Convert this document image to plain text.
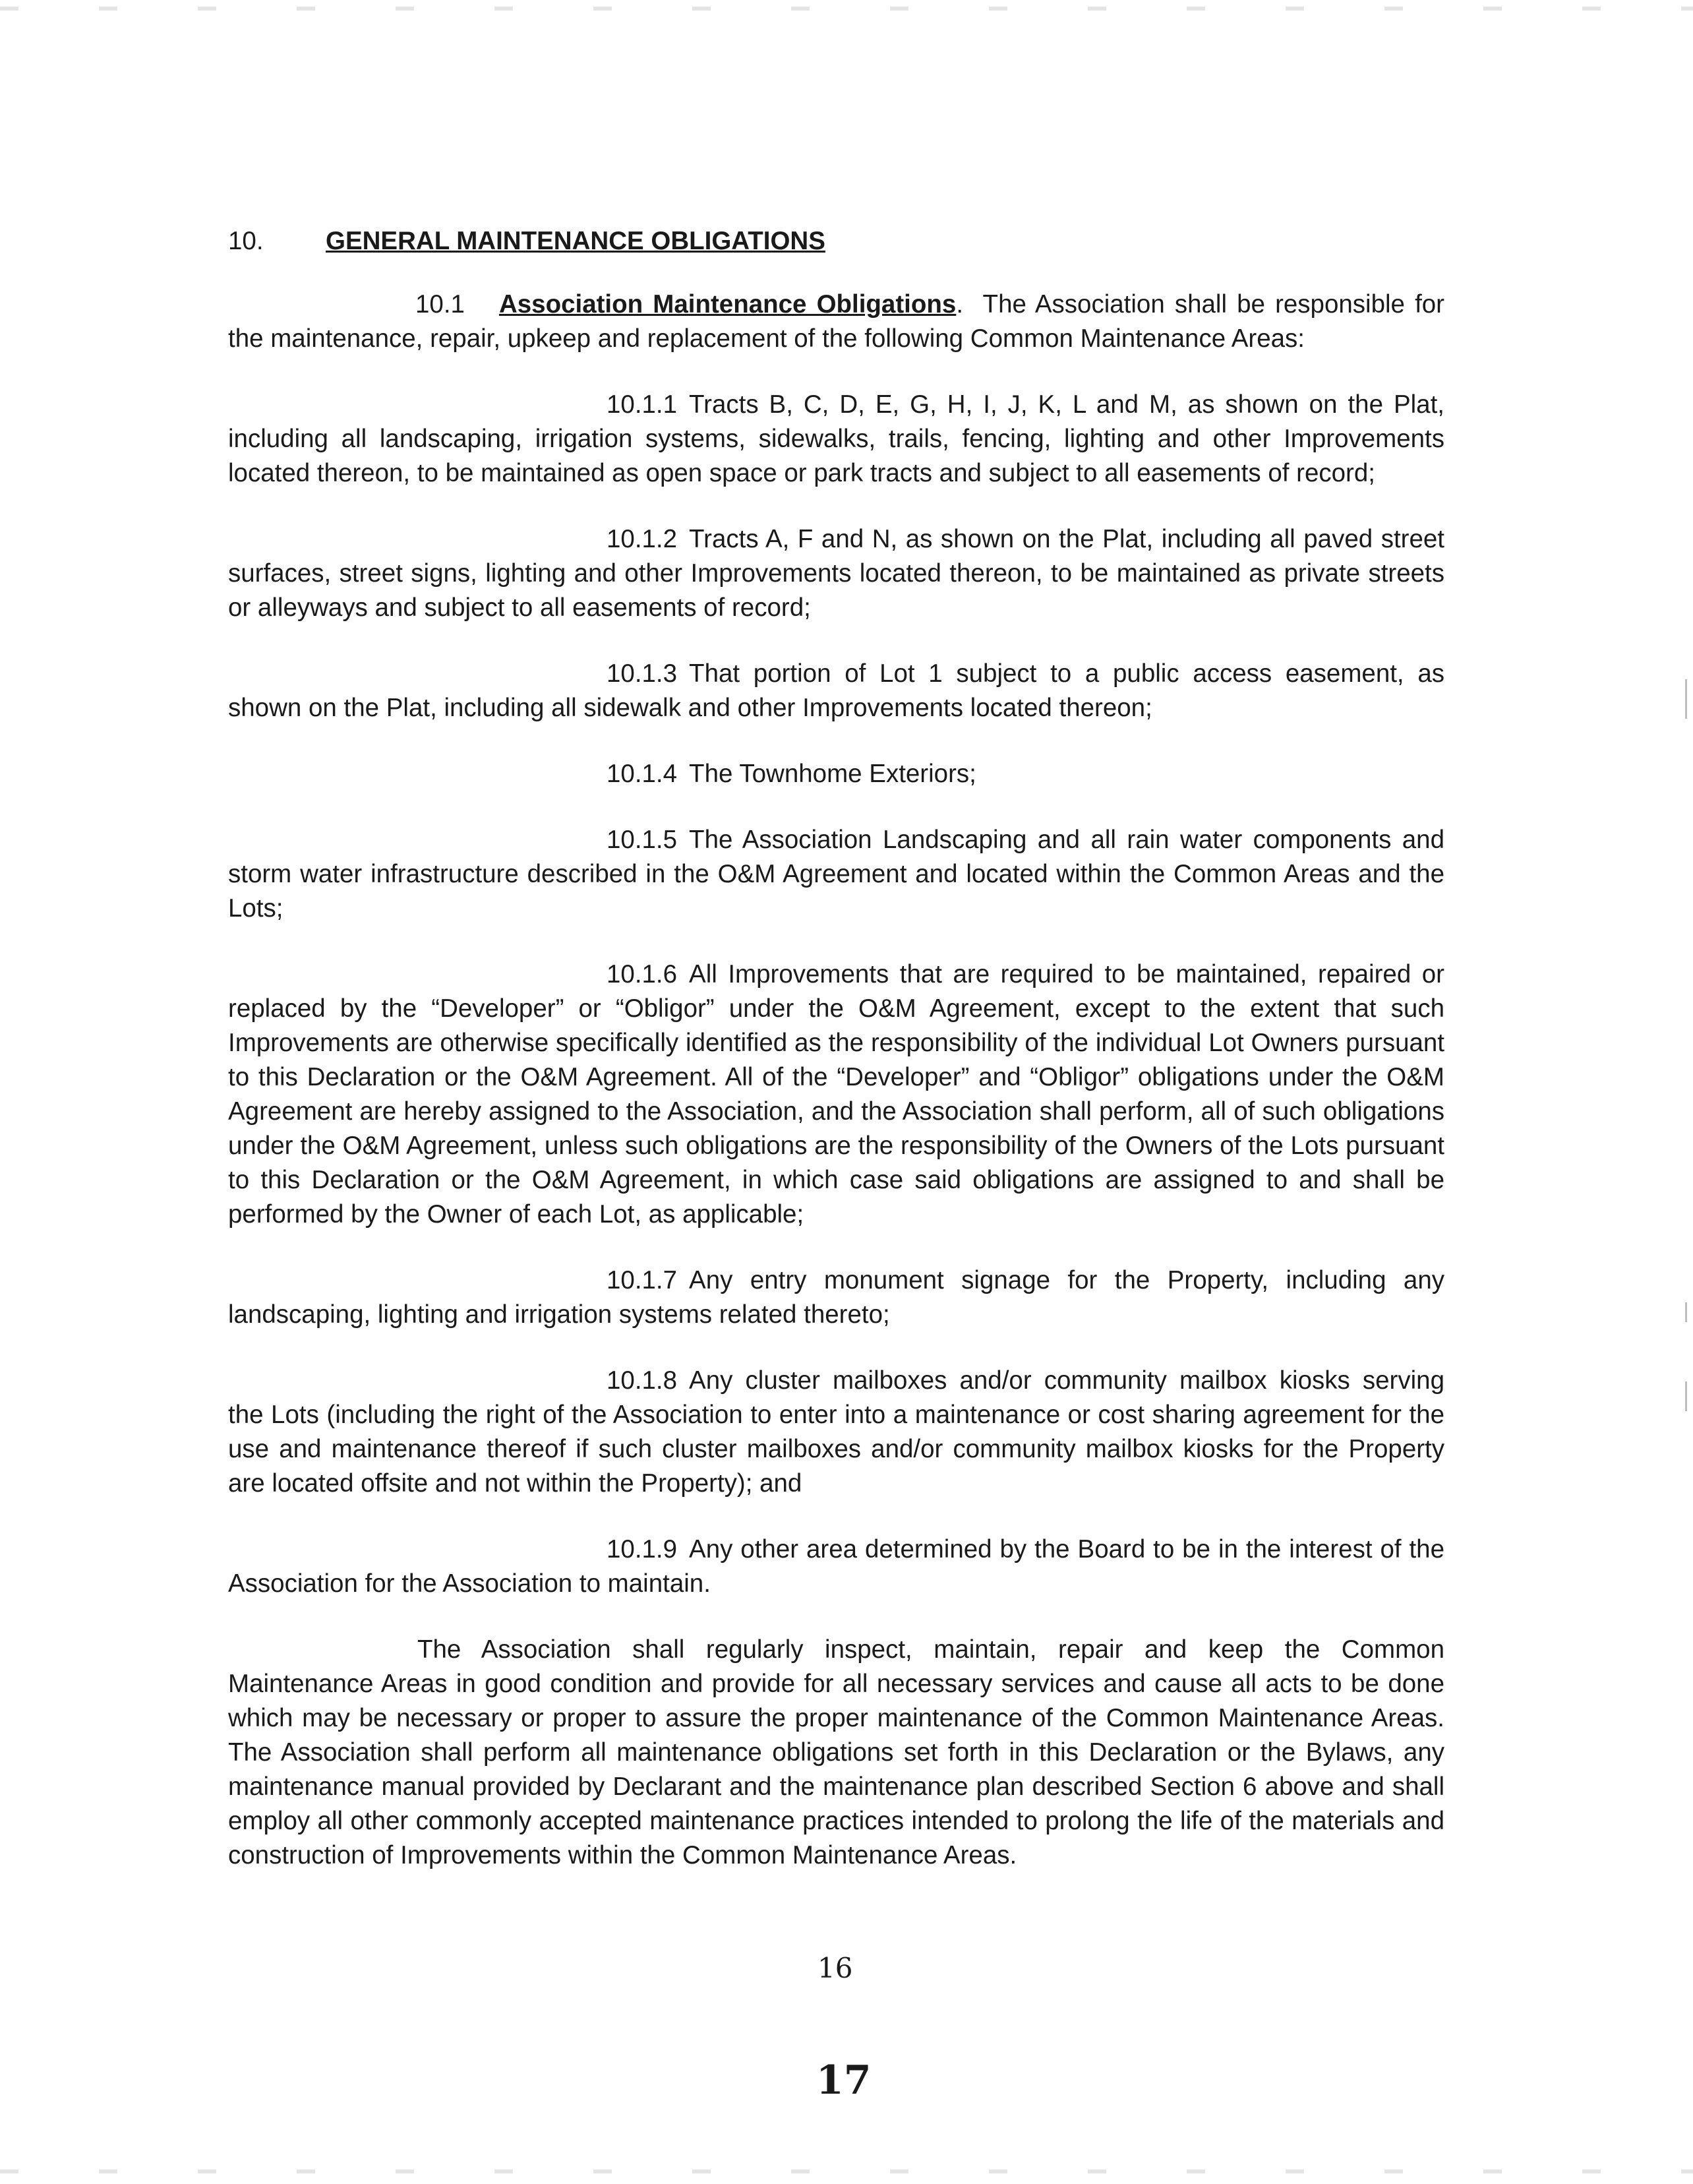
10.	GENERAL MAINTENANCE OBLIGATIONS

10.1 Association Maintenance Obligations. The Association shall be responsible for the maintenance, repair, upkeep and replacement of the following Common Maintenance Areas:

10.1.1 Tracts B, C, D, E, G, H, I, J, K, L and M, as shown on the Plat, including all landscaping, irrigation systems, sidewalks, trails, fencing, lighting and other Improvements located thereon, to be maintained as open space or park tracts and subject to all easements of record;

10.1.2 Tracts A, F and N, as shown on the Plat, including all paved street surfaces, street signs, lighting and other Improvements located thereon, to be maintained as private streets or alleyways and subject to all easements of record;

10.1.3 That portion of Lot 1 subject to a public access easement, as shown on the Plat, including all sidewalk and other Improvements located thereon;

10.1.4 The Townhome Exteriors;

10.1.5 The Association Landscaping and all rain water components and storm water infrastructure described in the O&M Agreement and located within the Common Areas and the Lots;

10.1.6 All Improvements that are required to be maintained, repaired or replaced by the “Developer” or “Obligor” under the O&M Agreement, except to the extent that such Improvements are otherwise specifically identified as the responsibility of the individual Lot Owners pursuant to this Declaration or the O&M Agreement. All of the “Developer” and “Obligor” obligations under the O&M Agreement are hereby assigned to the Association, and the Association shall perform, all of such obligations under the O&M Agreement, unless such obligations are the responsibility of the Owners of the Lots pursuant to this Declaration or the O&M Agreement, in which case said obligations are assigned to and shall be performed by the Owner of each Lot, as applicable;

10.1.7 Any entry monument signage for the Property, including any landscaping, lighting and irrigation systems related thereto;

10.1.8 Any cluster mailboxes and/or community mailbox kiosks serving the Lots (including the right of the Association to enter into a maintenance or cost sharing agreement for the use and maintenance thereof if such cluster mailboxes and/or community mailbox kiosks for the Property are located offsite and not within the Property); and

10.1.9 Any other area determined by the Board to be in the interest of the Association for the Association to maintain.

The Association shall regularly inspect, maintain, repair and keep the Common Maintenance Areas in good condition and provide for all necessary services and cause all acts to be done which may be necessary or proper to assure the proper maintenance of the Common Maintenance Areas. The Association shall perform all maintenance obligations set forth in this Declaration or the Bylaws, any maintenance manual provided by Declarant and the maintenance plan described Section 6 above and shall employ all other commonly accepted maintenance practices intended to prolong the life of the materials and construction of Improvements within the Common Maintenance Areas.

16
17
